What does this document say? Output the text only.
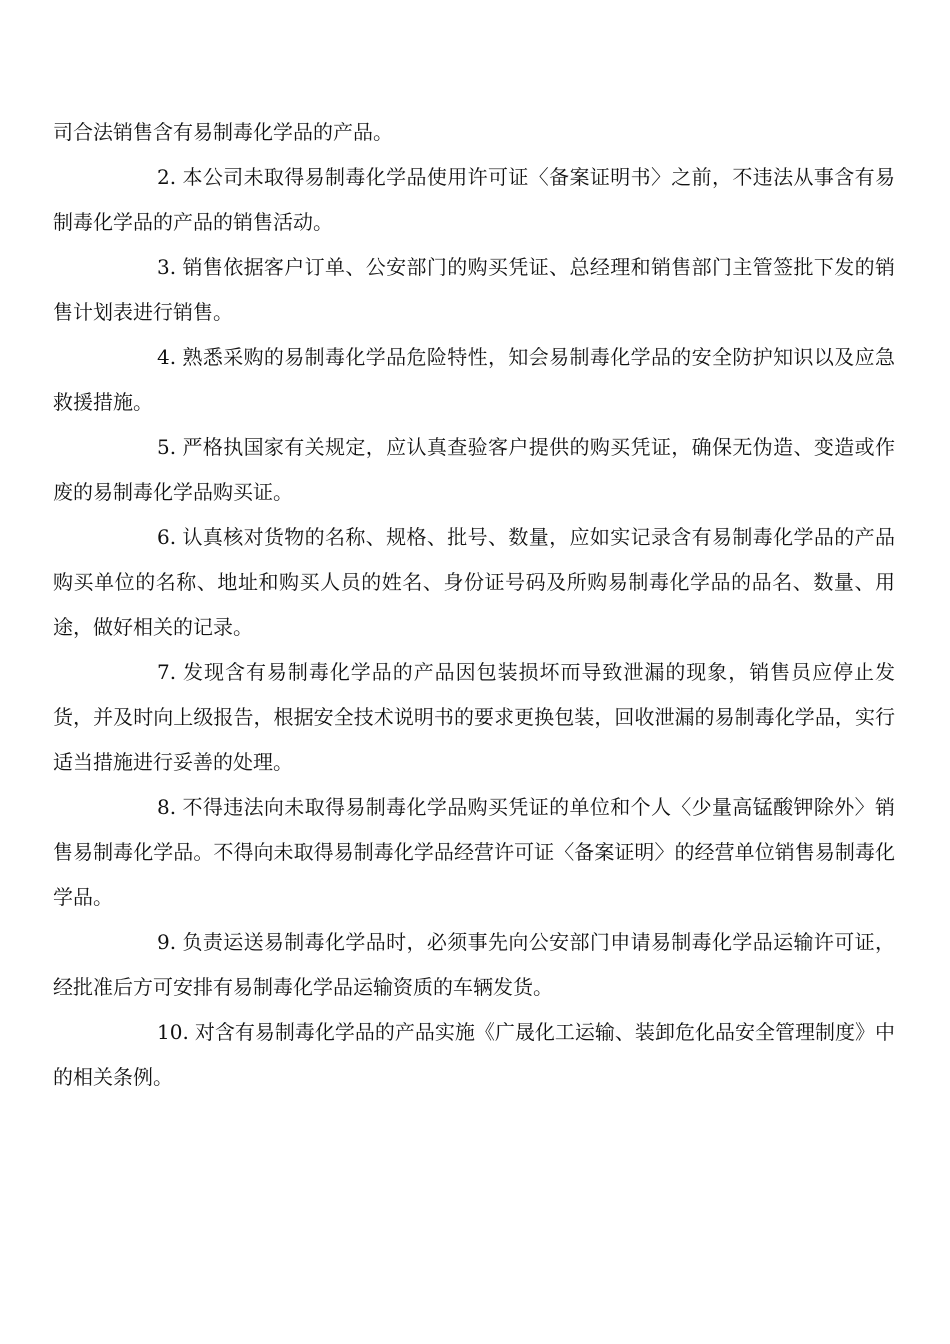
司合法销售含有易制毒化学品的产品。

2. 本公司未取得易制毒化学品使用许可证〈备案证明书〉之前，不违法从事含有易制毒化学品的产品的销售活动。

3. 销售依据客户订单、公安部门的购买凭证、总经理和销售部门主管签批下发的销售计划表进行销售。

4. 熟悉采购的易制毒化学品危险特性，知会易制毒化学品的安全防护知识以及应急救援措施。

5. 严格执国家有关规定，应认真查验客户提供的购买凭证，确保无伪造、变造或作废的易制毒化学品购买证。

6. 认真核对货物的名称、规格、批号、数量，应如实记录含有易制毒化学品的产品购买单位的名称、地址和购买人员的姓名、身份证号码及所购易制毒化学品的品名、数量、用途，做好相关的记录。

7. 发现含有易制毒化学品的产品因包装损坏而导致泄漏的现象，销售员应停止发货，并及时向上级报告，根据安全技术说明书的要求更换包装，回收泄漏的易制毒化学品，实行适当措施进行妥善的处理。

8. 不得违法向未取得易制毒化学品购买凭证的单位和个人〈少量高锰酸钾除外〉销售易制毒化学品。不得向未取得易制毒化学品经营许可证〈备案证明〉的经营单位销售易制毒化学品。

9. 负责运送易制毒化学品时，必须事先向公安部门申请易制毒化学品运输许可证，经批准后方可安排有易制毒化学品运输资质的车辆发货。

10. 对含有易制毒化学品的产品实施《广晟化工运输、装卸危化品安全管理制度》中的相关条例。
